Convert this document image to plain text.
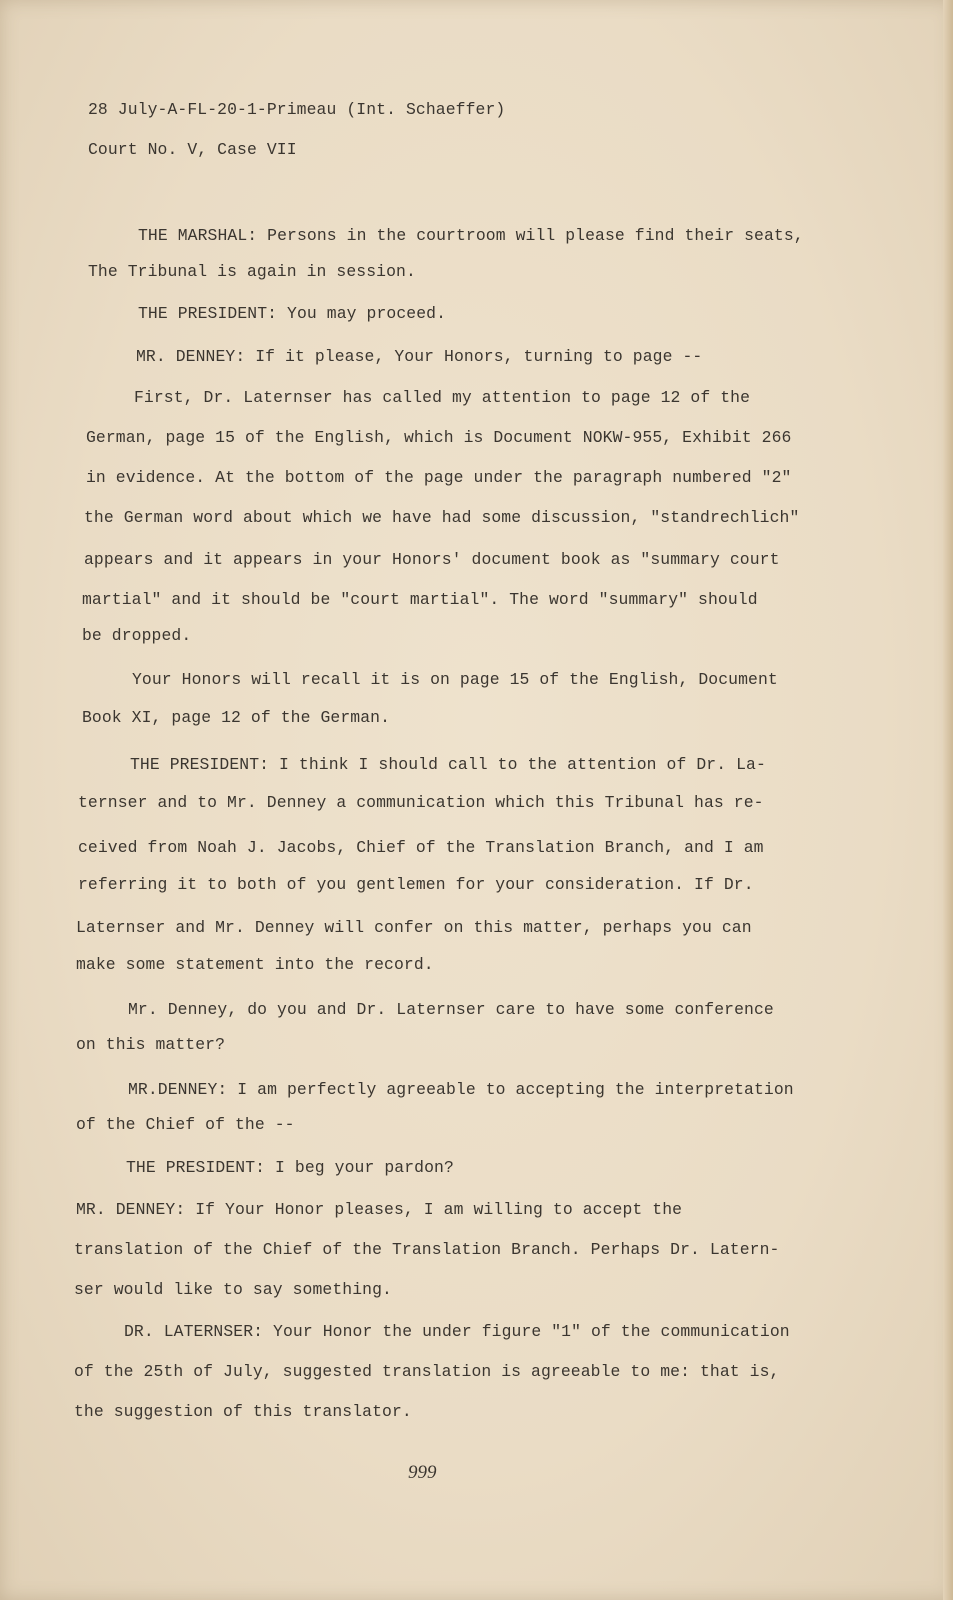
28 July-A-FL-20-1-Primeau (Int. Schaeffer)
Court No. V, Case VII
THE MARSHAL: Persons in the courtroom will please find their seats,
The Tribunal is again in session.
THE PRESIDENT: You may proceed.
MR. DENNEY: If it please, Your Honors, turning to page --
First, Dr. Laternser has called my attention to page 12 of the
German, page 15 of the English, which is Document NOKW-955, Exhibit 266
in evidence. At the bottom of the page under the paragraph numbered "2"
the German word about which we have had some discussion, "standrechlich"
appears and it appears in your Honors' document book as "summary court
martial" and it should be "court martial". The word "summary" should
be dropped.
Your Honors will recall it is on page 15 of the English, Document
Book XI, page 12 of the German.
THE PRESIDENT: I think I should call to the attention of Dr. La-
ternser and to Mr. Denney a communication which this Tribunal has re-
ceived from Noah J. Jacobs, Chief of the Translation Branch, and I am
referring it to both of you gentlemen for your consideration. If Dr.
Laternser and Mr. Denney will confer on this matter, perhaps you can
make some statement into the record.
Mr. Denney, do you and Dr. Laternser care to have some conference
on this matter?
MR.DENNEY: I am perfectly agreeable to accepting the interpretation
of the Chief of the --
THE PRESIDENT: I beg your pardon?
MR. DENNEY: If Your Honor pleases, I am willing to accept the
translation of the Chief of the Translation Branch. Perhaps Dr. Latern-
ser would like to say something.
DR. LATERNSER: Your Honor the under figure "1" of the communication
of the 25th of July, suggested translation is agreeable to me: that is,
the suggestion of this translator.
999
